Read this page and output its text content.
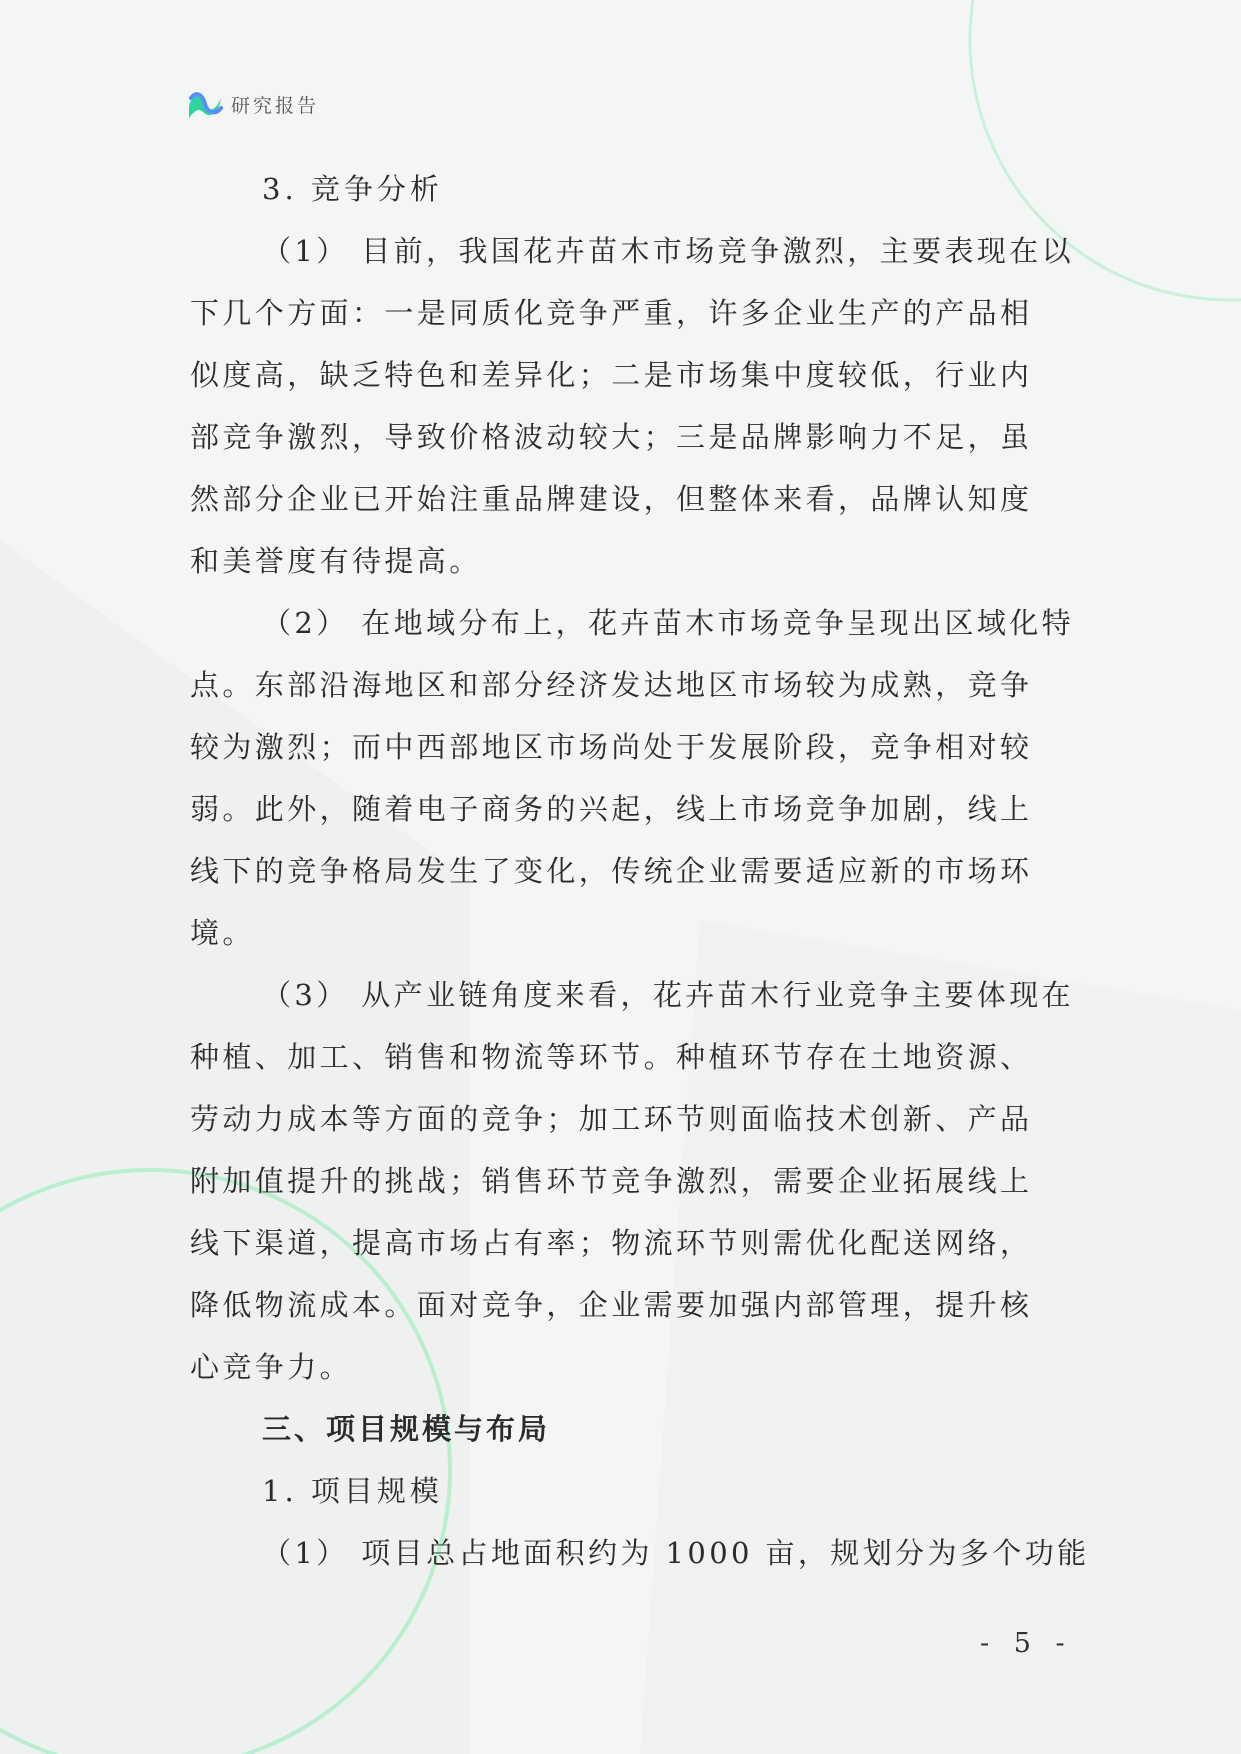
研究报告
3. 竞争分析
（1） 目前，我国花卉苗木市场竞争激烈，主要表现在以
下几个方面：一是同质化竞争严重，许多企业生产的产品相
似度高，缺乏特色和差异化；二是市场集中度较低，行业内
部竞争激烈，导致价格波动较大；三是品牌影响力不足，虽
然部分企业已开始注重品牌建设，但整体来看，品牌认知度
和美誉度有待提高。
（2） 在地域分布上，花卉苗木市场竞争呈现出区域化特
点。东部沿海地区和部分经济发达地区市场较为成熟，竞争
较为激烈；而中西部地区市场尚处于发展阶段，竞争相对较
弱。此外，随着电子商务的兴起，线上市场竞争加剧，线上
线下的竞争格局发生了变化，传统企业需要适应新的市场环
境。
（3） 从产业链角度来看，花卉苗木行业竞争主要体现在
种植、加工、销售和物流等环节。种植环节存在土地资源、
劳动力成本等方面的竞争；加工环节则面临技术创新、产品
附加值提升的挑战；销售环节竞争激烈，需要企业拓展线上
线下渠道，提高市场占有率；物流环节则需优化配送网络，
降低物流成本。面对竞争，企业需要加强内部管理，提升核
心竞争力。
三、项目规模与布局
1. 项目规模
（1） 项目总占地面积约为 1000 亩，规划分为多个功能
- 5 -
